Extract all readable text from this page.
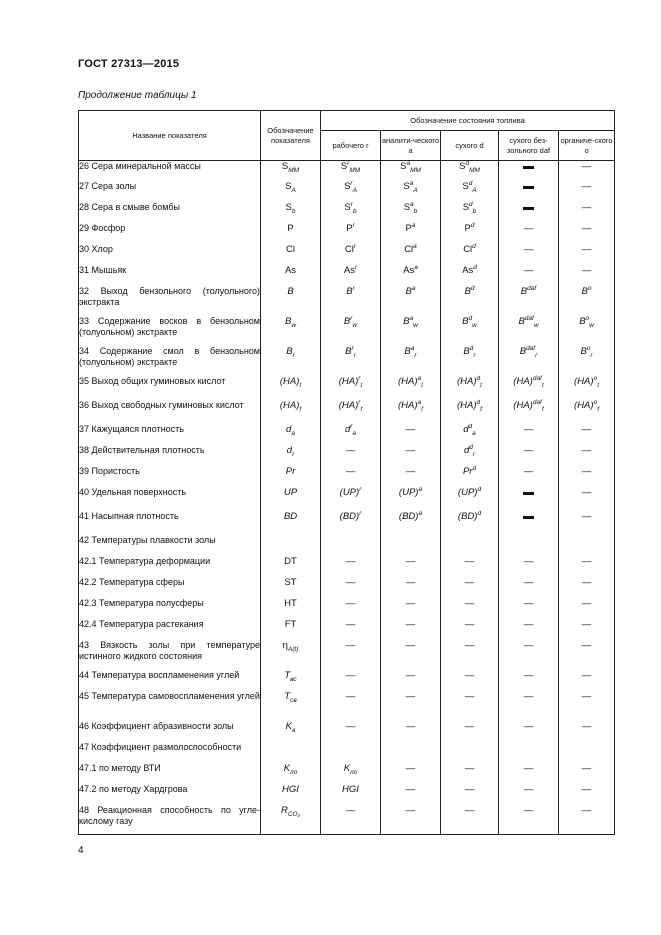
ГОСТ 27313—2015
Продолжение таблицы 1
Название показателя	Обозначение показателя	Обозначение состояния топлива				
		рабочего r	аналити-ческого a	сухого d	сухого без-зольного daf	органиче-ского o
26 Сера минеральной массы	$S_{MM}$	$S^r_{MM}$	$S^a_{MM}$	$S^d_{MM}$		—
27 Сера золы	$S_A$	$S^r_A$	$S^a_A$	$S^d_A$		—
28 Сера в смыве бомбы	$S_b$	$S^r_b$	$S^a_b$	$S^d_b$		—
29 Фосфор	P	$P^r$	$P^a$	$P^d$	—	—
30 Хлор	Cl	Cl$^r$	Cl$^a$	Cl$^d$	—	—
31 Мышьяк	As	As$^r$	As$^a$	As$^d$	—	—
32 Выход бензольного (толуольного) экстракта	B	$B^r$	$B^a$	$B^d$	$B^{daf}$	$B^o$
33 Содержание восков в бензольном (толуольном) экстракте	$B_w$	$B^r_w$	$B^a_w$	$B^d_w$	$B^{daf}_w$	$B^o_w$
34 Содержание смол в бензольном (толуольном) экстракте	$B_r$	$B^r_r$	$B^a_r$	$B^d_r$	$B^{daf}_r$	$B^o_r$
35 Выход общих гуминовых кислот	$(HA)_t$	(HA)$^r_t$	(HA)$^a_t$	(HA)$^d_t$	(HA)$^{daf}_t$	(HA)$^o_t$
36 Выход свободных гуминовых кислот	$(HA)_f$	(HA)$^r_f$	(HA)$^a_f$	(HA)$^d_f$	(HA)$^{daf}_f$	(HA)$^o_f$
37 Кажущаяся плотность	$d_a$	$d^r_a$	—	$d^d_a$	—	—
38 Действительная плотность	$d_r$	—	—	$d^d_r$	—	—
39 Пористость	Pr	—	—	Pr$^d$	—	—
40 Удельная поверхность	UP	(UP)$^r$	(UP)$^a$	(UP)$^d$		—
41 Насыпная плотность	BD	(BD)$^r$	(BD)$^a$	(BD)$^d$		—
42 Температуры плавкости золы						
42.1 Температура деформации	DT	—	—	—	—	—
42.2 Температура сферы	ST	—	—	—	—	—
42.3 Температура полусферы	HT	—	—	—	—	—
42.4 Температура растекания	FT	—	—	—	—	—
43 Вязкость золы при температуре истинного жидкого состояния	$\eta_{A(t)}$	—	—	—	—	—
44 Температура воспламенения углей	$T_{вс}$	—	—	—	—	—
45 Температура самовоспламенения углей	$T_{св}$	—	—	—	—	—
46 Коэффициент абразивности золы	$K_a$	—	—	—	—	—
47 Коэффициент размолоспособности						
47.1 по методу ВТИ	$K_{ло}$	$K_{ло}$	—	—	—	—
47.2 по методу Хардгрова	HGI	HGI	—	—	—	—
48 Реакционная способность по угле-кислому газу	$R_{CO_2}$	—	—	—	—	—
4
